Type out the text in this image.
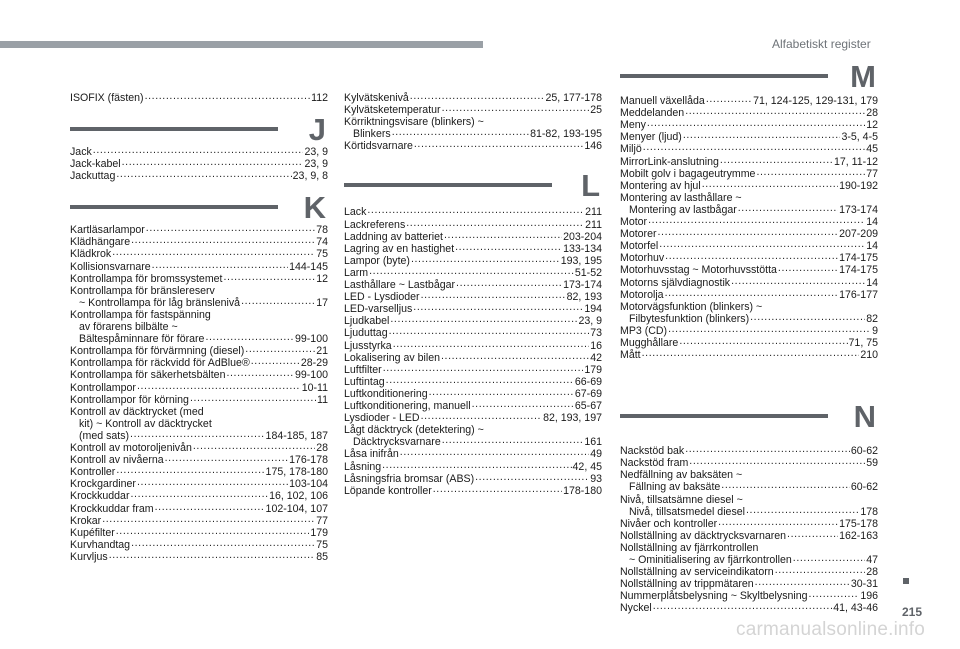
Alfabetiskt register
ISOFIX (fästen) .....	112
J
Jack .....	23, 9
Jack-kabel .....	23, 9
Jackuttag .....	23, 9, 8
K
Kartläsarlampor .....	78
Klädhängare .....	74
Klädkrok .....	75
Kollisionsvarnare .....	144-145
Kontrollampa för bromssystemet .....	12
Kontrollampa för bränslereserv
~ Kontrollampa för låg bränslenivå .....	17
Kontrollampa för fastspänning
av förarens bilbälte ~
Bältespåminnare för förare .....	99-100
Kontrollampa för förvärmning (diesel) .....	21
Kontrollampa för räckvidd för AdBlue® .....	28-29
Kontrollampa för säkerhetsbälten .....	99-100
Kontrollampor .....	10-11
Kontrollampor för körning .....	11
Kontroll av däcktrycket (med
kit) ~ Kontroll av däcktrycket
(med sats) .....	184-185, 187
Kontroll av motoroljenivån .....	28
Kontroll av nivåerna .....	176-178
Kontroller .....	175, 178-180
Krockgardiner .....	103-104
Krockkuddar .....	16, 102, 106
Krockkuddar fram .....	102-104, 107
Krokar .....	77
Kupéfilter .....	179
Kurvhandtag .....	75
Kurvljus .....	85
Kylvätskenivå .....	25, 177-178
Kylvätsketemperatur .....	25
Körriktningsvisare (blinkers) ~
Blinkers .....	81-82, 193-195
Körtidsvarnare .....	146
L
Lack .....	211
Lackreferens .....	211
Laddning av batteriet .....	203-204
Lagring av en hastighet .....	133-134
Lampor (byte) .....	193, 195
Larm .....	51-52
Lasthållare ~ Lastbågar .....	173-174
LED - Lysdioder .....	82, 193
LED-varselljus .....	194
Ljudkabel .....	23, 9
Ljuduttag .....	73
Ljusstyrka .....	16
Lokalisering av bilen .....	42
Luftfilter .....	179
Luftintag .....	66-69
Luftkonditionering .....	67-69
Luftkonditionering, manuell .....	65-67
Lysdioder - LED .....	82, 193, 197
Lågt däcktryck (detektering) ~
Däcktrycksvarnare .....	161
Låsa inifrån .....	49
Låsning .....	42, 45
Låsningsfria bromsar (ABS) .....	93
Löpande kontroller .....	178-180
M
Manuell växellåda .....	71, 124-125, 129-131, 179
Meddelanden .....	28
Meny .....	12
Menyer (ljud) .....	3-5, 4-5
Miljö .....	45
MirrorLink-anslutning .....	17, 11-12
Mobilt golv i bagageutrymme .....	77
Montering av hjul .....	190-192
Montering av lasthållare ~
Montering av lastbågar .....	173-174
Motor .....	14
Motorer .....	207-209
Motorfel .....	14
Motorhuv .....	174-175
Motorhuvsstag ~ Motorhuvsstötta .....	174-175
Motorns självdiagnostik .....	14
Motorolja .....	176-177
Motorvägsfunktion (blinkers) ~
Filbytesfunktion (blinkers) .....	82
MP3 (CD) .....	9
Mugghållare .....	71, 75
Mått .....	210
N
Nackstöd bak .....	60-62
Nackstöd fram .....	59
Nedfällning av baksäten ~
Fällning av baksäte .....	60-62
Nivå, tillsatsämne diesel ~
Nivå, tillsatsmedel diesel .....	178
Nivåer och kontroller .....	175-178
Nollställning av däcktrycksvarnaren .....	162-163
Nollställning av fjärrkontrollen
~ Ominitialisering av fjärrkontrollen .....	47
Nollställning av serviceindikatorn .....	28
Nollställning av trippmätaren .....	30-31
Nummerplåtsbelysning ~ Skyltbelysning .....	196
Nyckel .....	41, 43-46 215
carmanualsonline.info
